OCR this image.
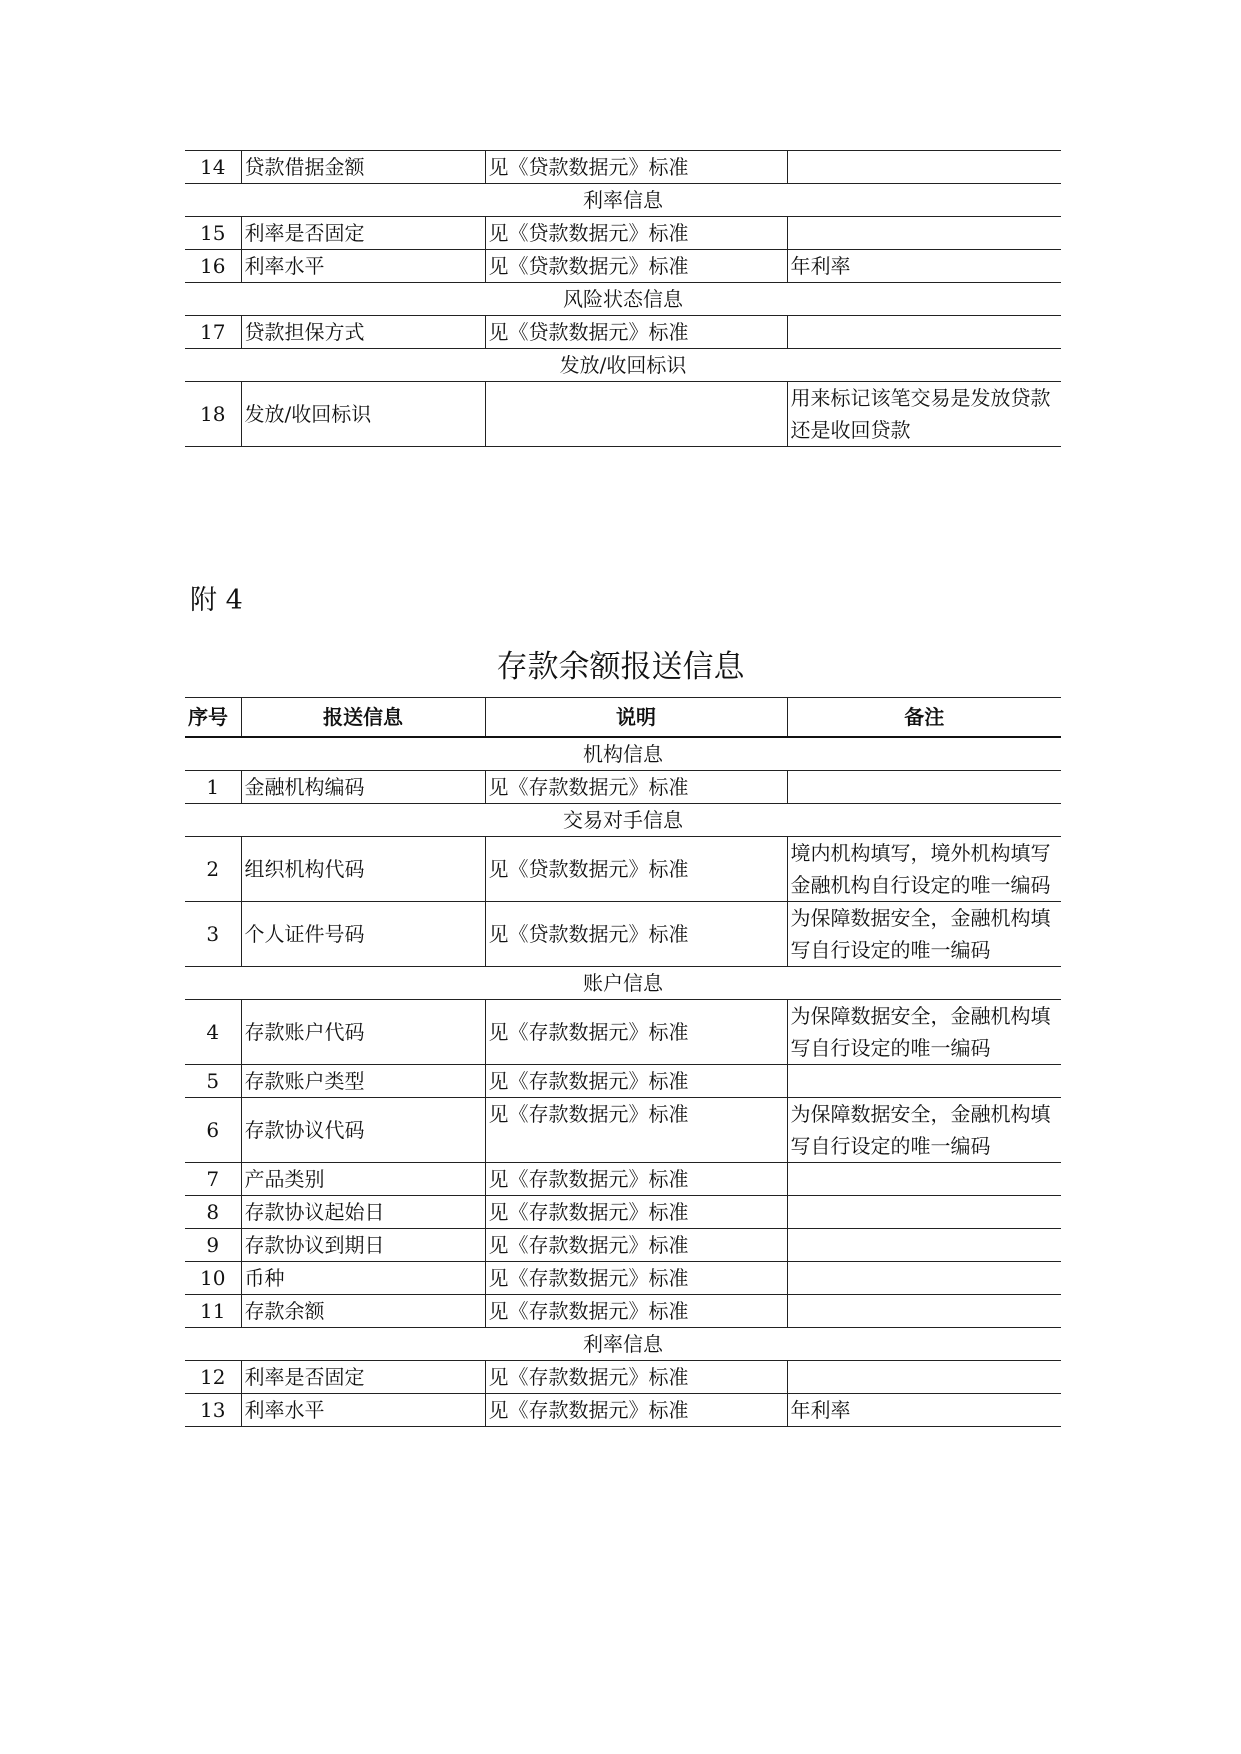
14	贷款借据金额	见《贷款数据元》标准	
利率信息			
15	利率是否固定	见《贷款数据元》标准	
16	利率水平	见《贷款数据元》标准	年利率
风险状态信息			
17	贷款担保方式	见《贷款数据元》标准	
发放/收回标识			
18	发放/收回标识		用来标记该笔交易是发放贷款还是收回贷款
附 4
存款余额报送信息
序号	报送信息	说明	备注
机构信息			
1	金融机构编码	见《存款数据元》标准	
交易对手信息			
2	组织机构代码	见《贷款数据元》标准	境内机构填写，境外机构填写金融机构自行设定的唯一编码
3	个人证件号码	见《贷款数据元》标准	为保障数据安全，金融机构填写自行设定的唯一编码
账户信息			
4	存款账户代码	见《存款数据元》标准	为保障数据安全，金融机构填写自行设定的唯一编码
5	存款账户类型	见《存款数据元》标准	
6	存款协议代码	见《存款数据元》标准	为保障数据安全，金融机构填写自行设定的唯一编码
7	产品类别	见《存款数据元》标准	
8	存款协议起始日	见《存款数据元》标准	
9	存款协议到期日	见《存款数据元》标准	
10	币种	见《存款数据元》标准	
11	存款余额	见《存款数据元》标准	
利率信息			
12	利率是否固定	见《存款数据元》标准	
13	利率水平	见《存款数据元》标准	年利率
